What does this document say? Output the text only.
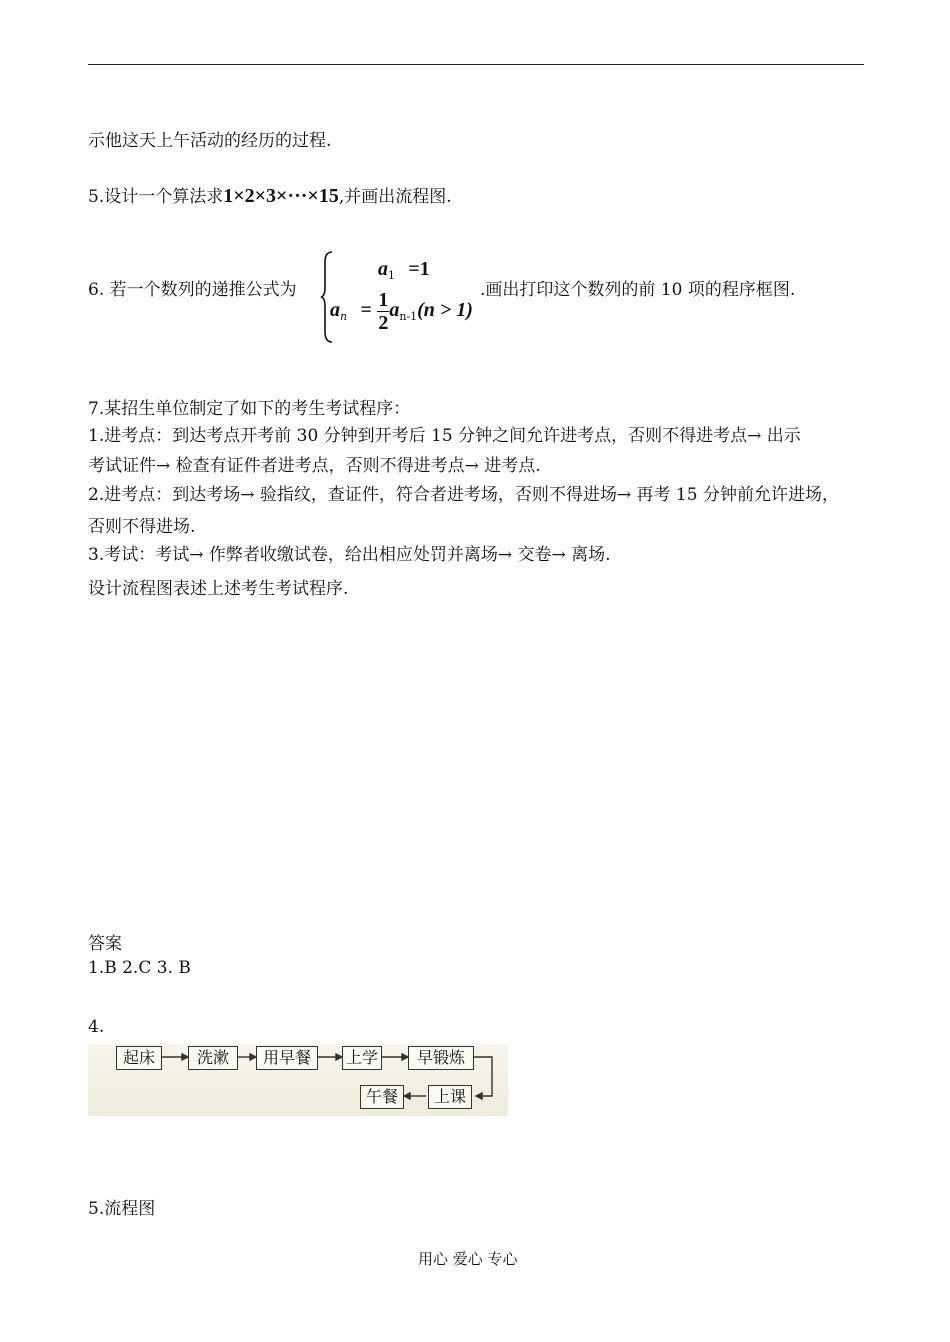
示他这天上午活动的经历的过程.
5.设计一个算法求1×2×3×···×15,并画出流程图.
6. 若一个数列的递推公式为
$a_1 =1$
$a_n = \frac{1}{2} a_{n-1}(n > 1)$
.画出打印这个数列的前 10 项的程序框图.
7.某招生单位制定了如下的考生考试程序：
1.进考点：到达考点开考前 30 分钟到开考后 15 分钟之间允许进考点，否则不得进考点→ 出示
考试证件→ 检查有证件者进考点，否则不得进考点→ 进考点.
2.进考点：到达考场→ 验指纹，查证件，符合者进考场，否则不得进场→ 再考 15 分钟前允许进场，
否则不得进场.
3.考试：考试→ 作弊者收缴试卷，给出相应处罚并离场→ 交卷→ 离场.
设计流程图表述上述考生考试程序.
答案
1.B 2.C 3. B
4.
起床	洗漱	用早餐	上学	早锻炼
上课
午餐
5.流程图
用心 爱心 专心
